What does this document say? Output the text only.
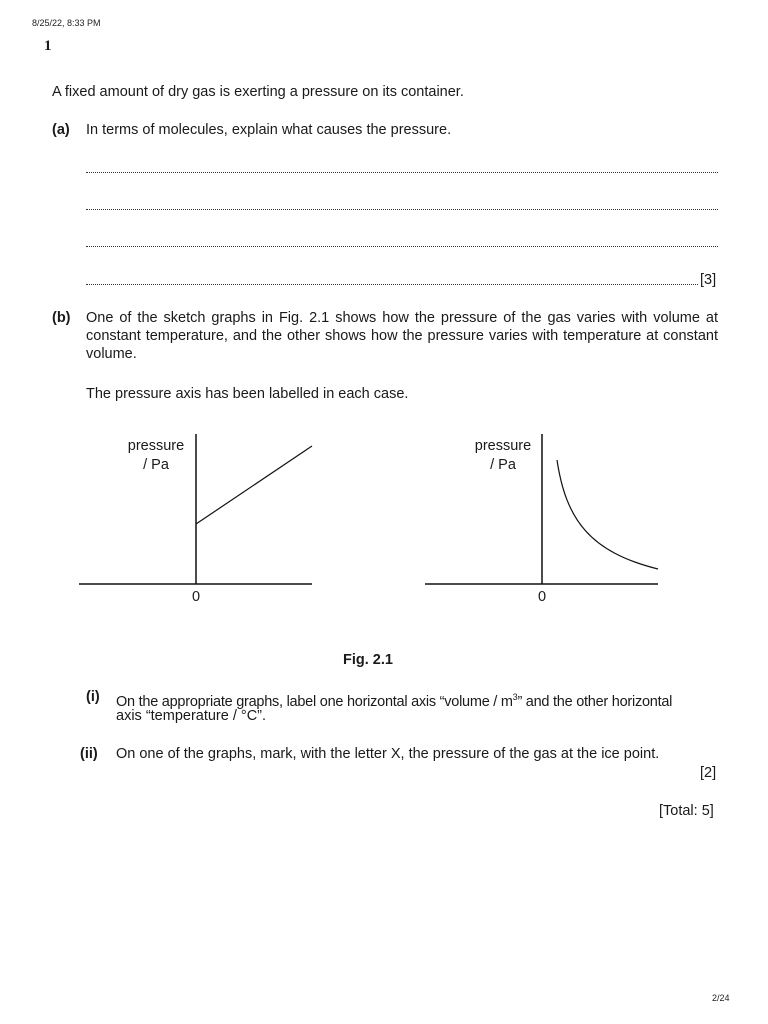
8/25/22, 8:33 PM
1
A fixed amount of dry gas is exerting a pressure on its container.
(a) In terms of molecules, explain what causes the pressure.
[3]
(b) One of the sketch graphs in Fig. 2.1 shows how the pressure of the gas varies with volume at constant temperature, and the other shows how the pressure varies with temperature at constant volume.
The pressure axis has been labelled in each case.
pressure
/ Pa
0
pressure
/ Pa
0
Fig. 2.1
(i) On the appropriate graphs, label one horizontal axis “volume / $m^3$” and the other horizontal
axis “temperature / °C”.
(ii) On one of the graphs, mark, with the letter X, the pressure of the gas at the ice point.
[2]
[Total: 5]
2/24
